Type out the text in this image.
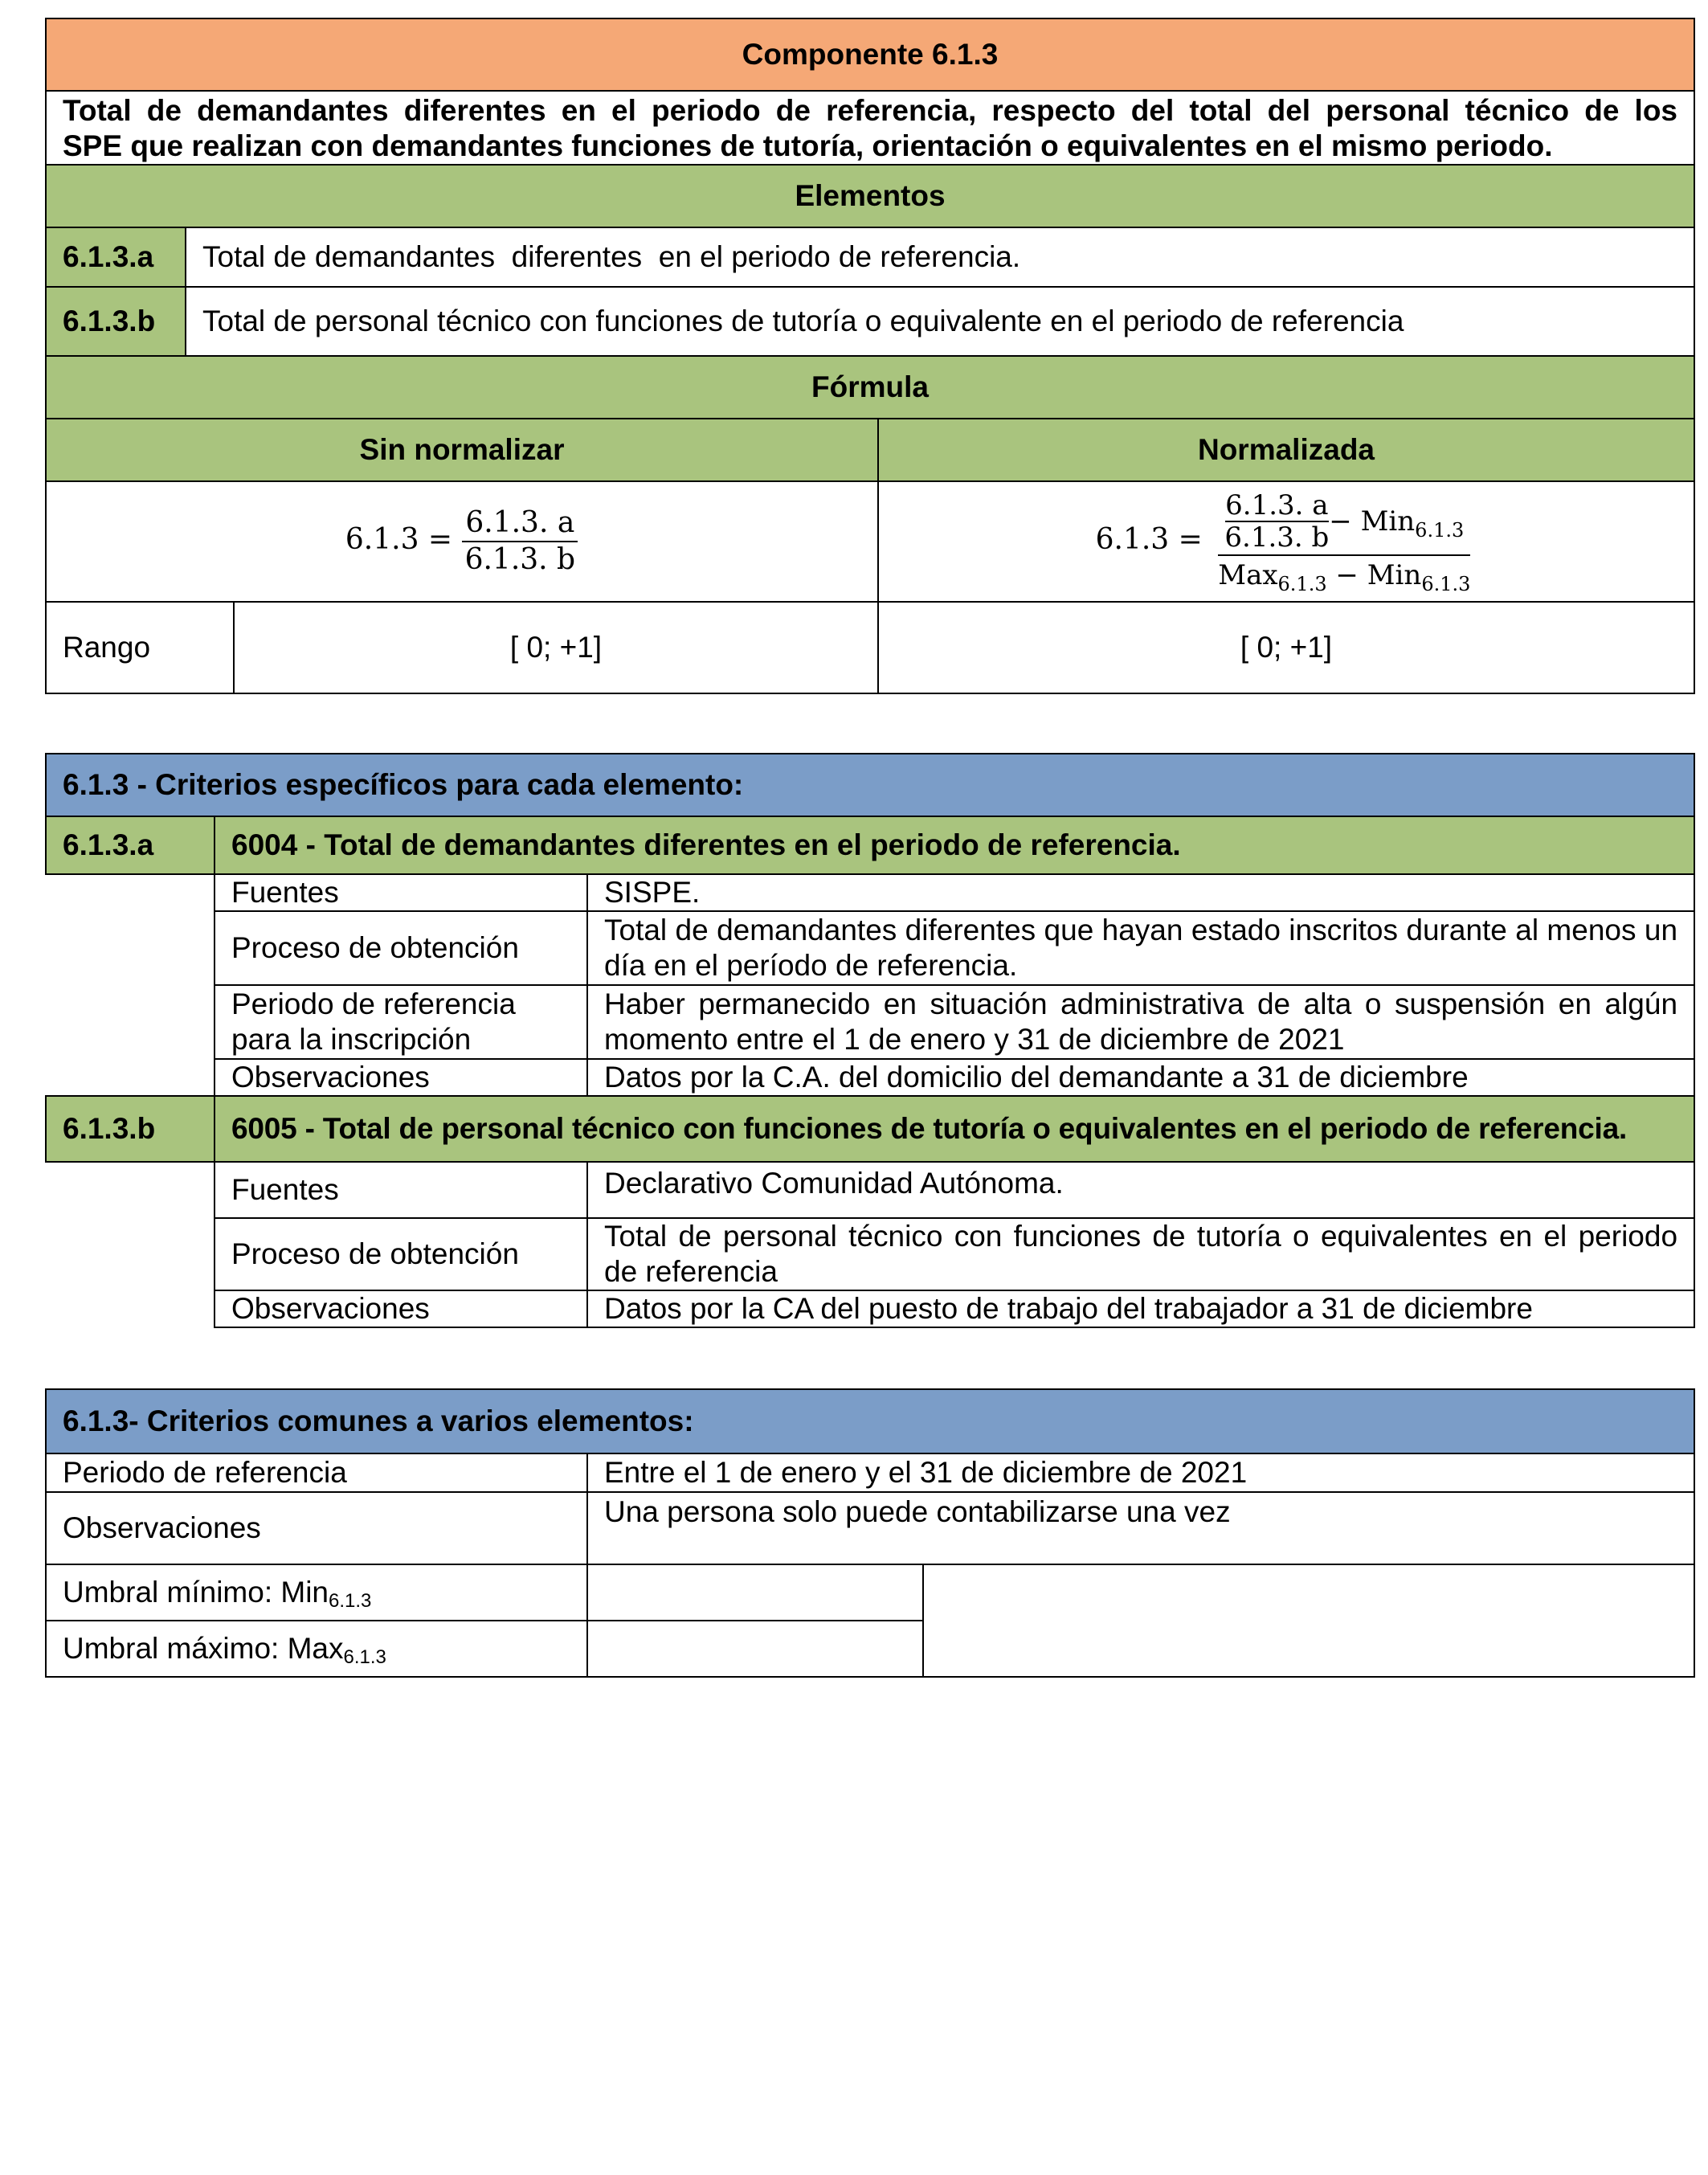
Componente 6.1.3			

Total de demandantes diferentes en el periodo de referencia, respecto del total del personal técnico de los
SPE que realizan con demandantes funciones de tutoría, orientación o equivalentes en el mismo periodo.			

Elementos			
6.1.3.a	Total de demandantes  diferentes  en el periodo de referencia.		
6.1.3.b	Total de personal técnico con funciones de tutoría o equivalente en el periodo de referencia		
Fórmula			
Sin normalizar			Normalizada
$6.1.3 = \frac{6.1.3. a}{6.1.3. b}$			$6.1.3 = \frac{6.1.3. a}{6.1.3. b} - Min_{6.1.3}$
Max$_{6.1.3}$ − Min$_{6.1.3}$

Rango		[ 0; +1]	[ 0; +1]
6.1.3 - Criterios específicos para cada elemento:		
6.1.3.a	6004 - Total de demandantes diferentes en el periodo de referencia.	
	Fuentes	SISPE.
	Proceso de obtención	Total de demandantes diferentes que hayan estado inscritos durante al menos un día en el período de referencia.
	Periodo de referencia para la inscripción	Haber permanecido en situación administrativa de alta o suspensión en algún momento entre el 1 de enero y 31 de diciembre de 2021
	Observaciones	Datos por la C.A. del domicilio del demandante a 31 de diciembre
6.1.3.b	6005 - Total de personal técnico con funciones de tutoría o equivalentes en el periodo de referencia.	
	Fuentes	Declarativo Comunidad Autónoma.
	Proceso de obtención	Total de personal técnico con funciones de tutoría o equivalentes en el periodo de referencia
	Observaciones	Datos por la CA del puesto de trabajo del trabajador a 31 de diciembre
6.1.3- Criterios comunes a varios elementos:		
Periodo de referencia	Entre el 1 de enero y el 31 de diciembre de 2021	
Observaciones	Una persona solo puede contabilizarse una vez	
Umbral mínimo: Min6.1.3		
Umbral máximo: Max6.1.3		
